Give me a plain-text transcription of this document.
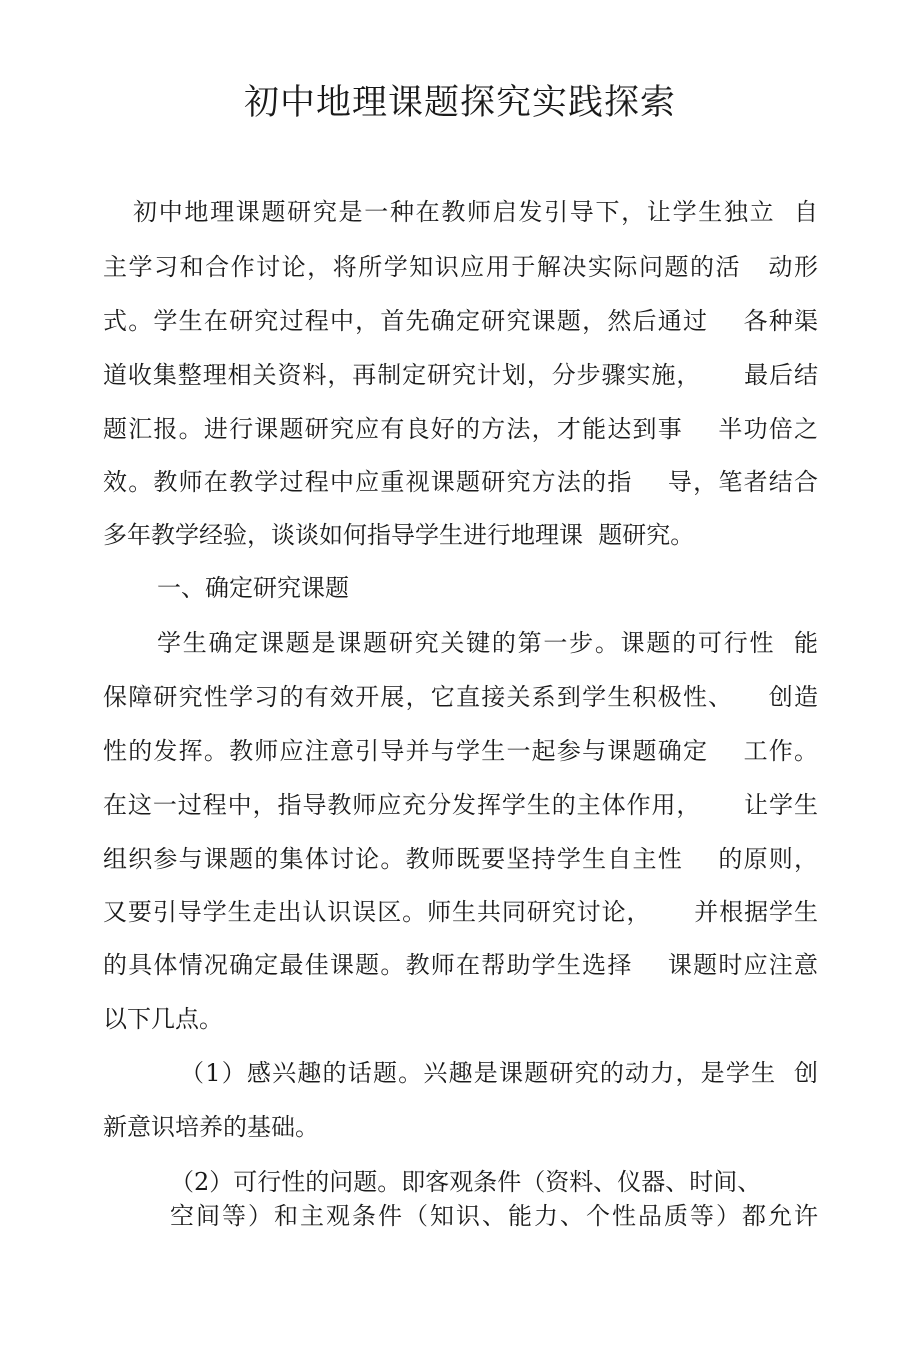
初中地理课题探究实践探索

初中地理课题研究是一种在教师启发引导下，让学生独立  自

主学习和合作讨论，将所学知识应用于解决实际问题的活   动形

式。学生在研究过程中，首先确定研究课题，然后通过    各种渠

道收集整理相关资料，再制定研究计划，分步骤实施，     最后结

题汇报。进行课题研究应有良好的方法，才能达到事    半功倍之

效。教师在教学过程中应重视课题研究方法的指    导，笔者结合

多年教学经验，谈谈如何指导学生进行地理课  题研究。

一、确定研究课题

学生确定课题是课题研究关键的第一步。课题的可行性  能

保障研究性学习的有效开展，它直接关系到学生积极性、    创造

性的发挥。教师应注意引导并与学生一起参与课题确定    工作。

在这一过程中，指导教师应充分发挥学生的主体作用，     让学生

组织参与课题的集体讨论。教师既要坚持学生自主性    的原则，

又要引导学生走出认识误区。师生共同研究讨论，     并根据学生

的具体情况确定最佳课题。教师在帮助学生选择    课题时应注意

以下几点。

（1）感兴趣的话题。兴趣是课题研究的动力，是学生  创

新意识培养的基础。

（2）可行性的问题。即客观条件（资料、仪器、时间、

空间等）和主观条件（知识、能力、个性品质等）都允许
